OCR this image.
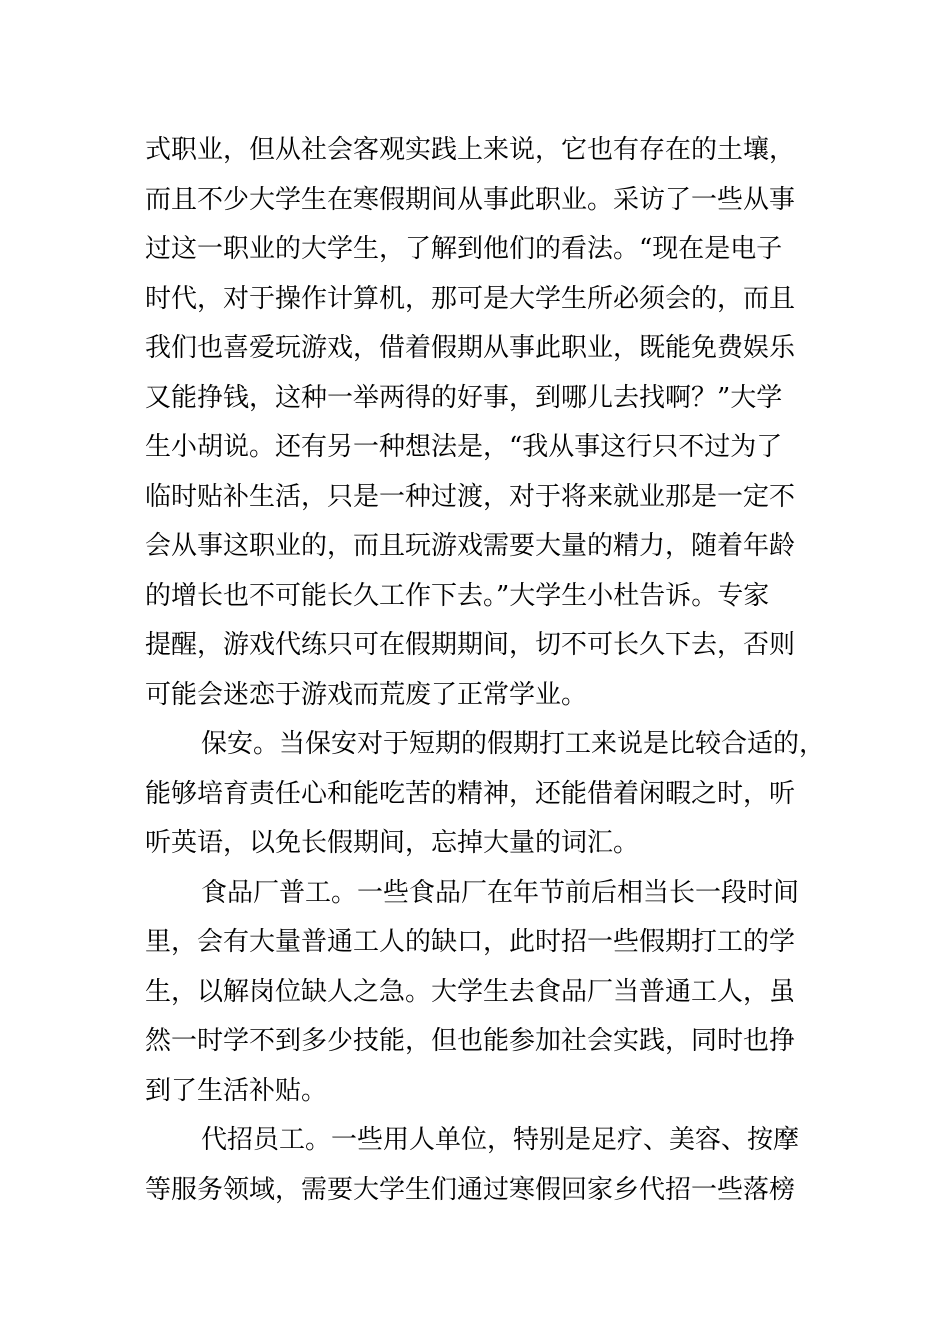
式职业，但从社会客观实践上来说，它也有存在的土壤，
而且不少大学生在寒假期间从事此职业。采访了一些从事
过这一职业的大学生，了解到他们的看法。“现在是电子
时代，对于操作计算机，那可是大学生所必须会的，而且
我们也喜爱玩游戏，借着假期从事此职业，既能免费娱乐
又能挣钱，这种一举两得的好事，到哪儿去找啊？”大学
生小胡说。还有另一种想法是，“我从事这行只不过为了
临时贴补生活，只是一种过渡，对于将来就业那是一定不
会从事这职业的，而且玩游戏需要大量的精力，随着年龄
的增长也不可能长久工作下去。”大学生小杜告诉。专家
提醒，游戏代练只可在假期期间，切不可长久下去，否则
可能会迷恋于游戏而荒废了正常学业。
保安。当保安对于短期的假期打工来说是比较合适的，
能够培育责任心和能吃苦的精神，还能借着闲暇之时，听
听英语，以免长假期间，忘掉大量的词汇。
食品厂普工。一些食品厂在年节前后相当长一段时间
里，会有大量普通工人的缺口，此时招一些假期打工的学
生，以解岗位缺人之急。大学生去食品厂当普通工人，虽
然一时学不到多少技能，但也能参加社会实践，同时也挣
到了生活补贴。
代招员工。一些用人单位，特别是足疗、美容、按摩
等服务领域，需要大学生们通过寒假回家乡代招一些落榜
